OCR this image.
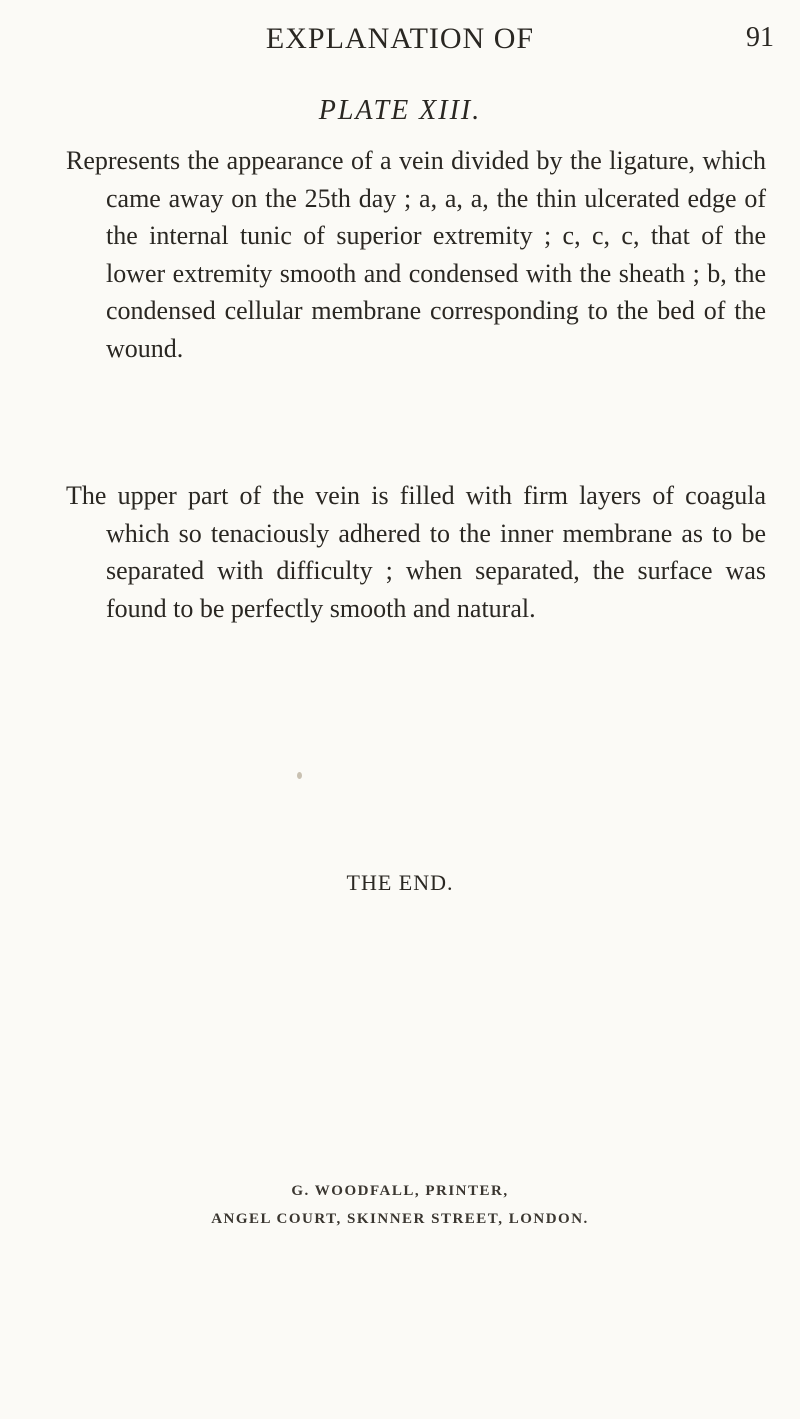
EXPLANATION OF	91
PLATE XIII.

Represents the appearance of a vein divided by the ligature, which came away on the 25th day ; a, a, a, the thin ulcerated edge of the internal tunic of superior extremity ; c, c, c, that of the lower extremity smooth and condensed with the sheath ; b, the condensed cellular membrane corresponding to the bed of the wound.

The upper part of the vein is filled with firm layers of coagula which so tenaciously adhered to the inner membrane as to be separated with difficulty ; when separated, the surface was found to be perfectly smooth and natural.

THE END.
G. WOODFALL, PRINTER,
ANGEL COURT, SKINNER STREET, LONDON.
